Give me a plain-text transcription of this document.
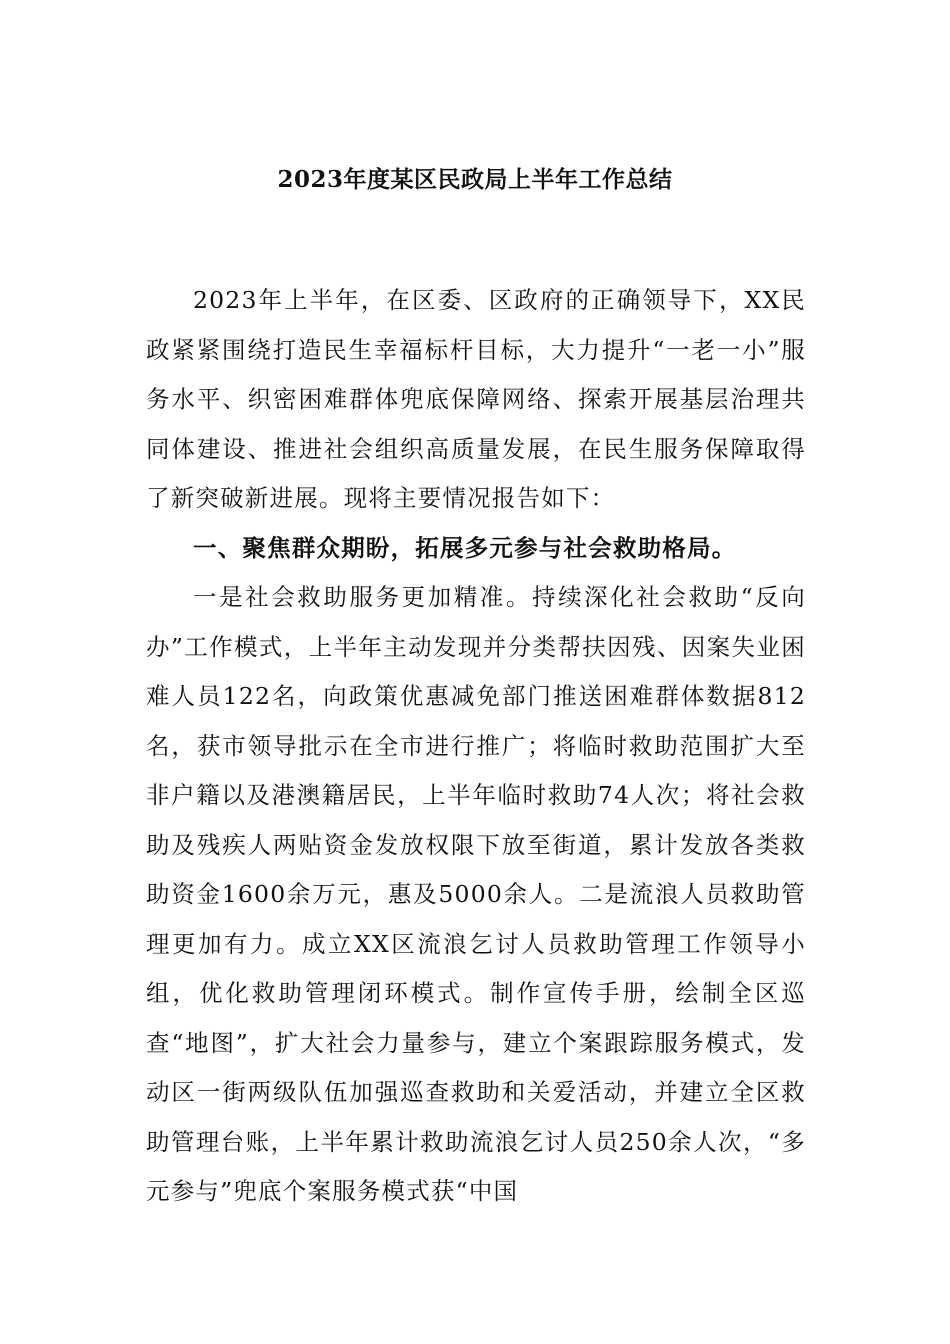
2023年度某区民政局上半年工作总结

2023年上半年，在区委、区政府的正确领导下，XX民政紧紧围绕打造民生幸福标杆目标，大力提升“一老一小”服务水平、织密困难群体兜底保障网络、探索开展基层治理共同体建设、推进社会组织高质量发展，在民生服务保障取得了新突破新进展。现将主要情况报告如下：

一、聚焦群众期盼，拓展多元参与社会救助格局。

一是社会救助服务更加精准。持续深化社会救助“反向办”工作模式，上半年主动发现并分类帮扶因残、因案失业困难人员122名，向政策优惠减免部门推送困难群体数据812名，获市领导批示在全市进行推广；将临时救助范围扩大至非户籍以及港澳籍居民，上半年临时救助74人次；将社会救助及残疾人两贴资金发放权限下放至街道，累计发放各类救助资金1600余万元，惠及5000余人。二是流浪人员救助管理更加有力。成立XX区流浪乞讨人员救助管理工作领导小组，优化救助管理闭环模式。制作宣传手册，绘制全区巡查“地图”，扩大社会力量参与，建立个案跟踪服务模式，发动区一街两级队伍加强巡查救助和关爱活动，并建立全区救助管理台账，上半年累计救助流浪乞讨人员250余人次，“多元参与”兜底个案服务模式获“中国
